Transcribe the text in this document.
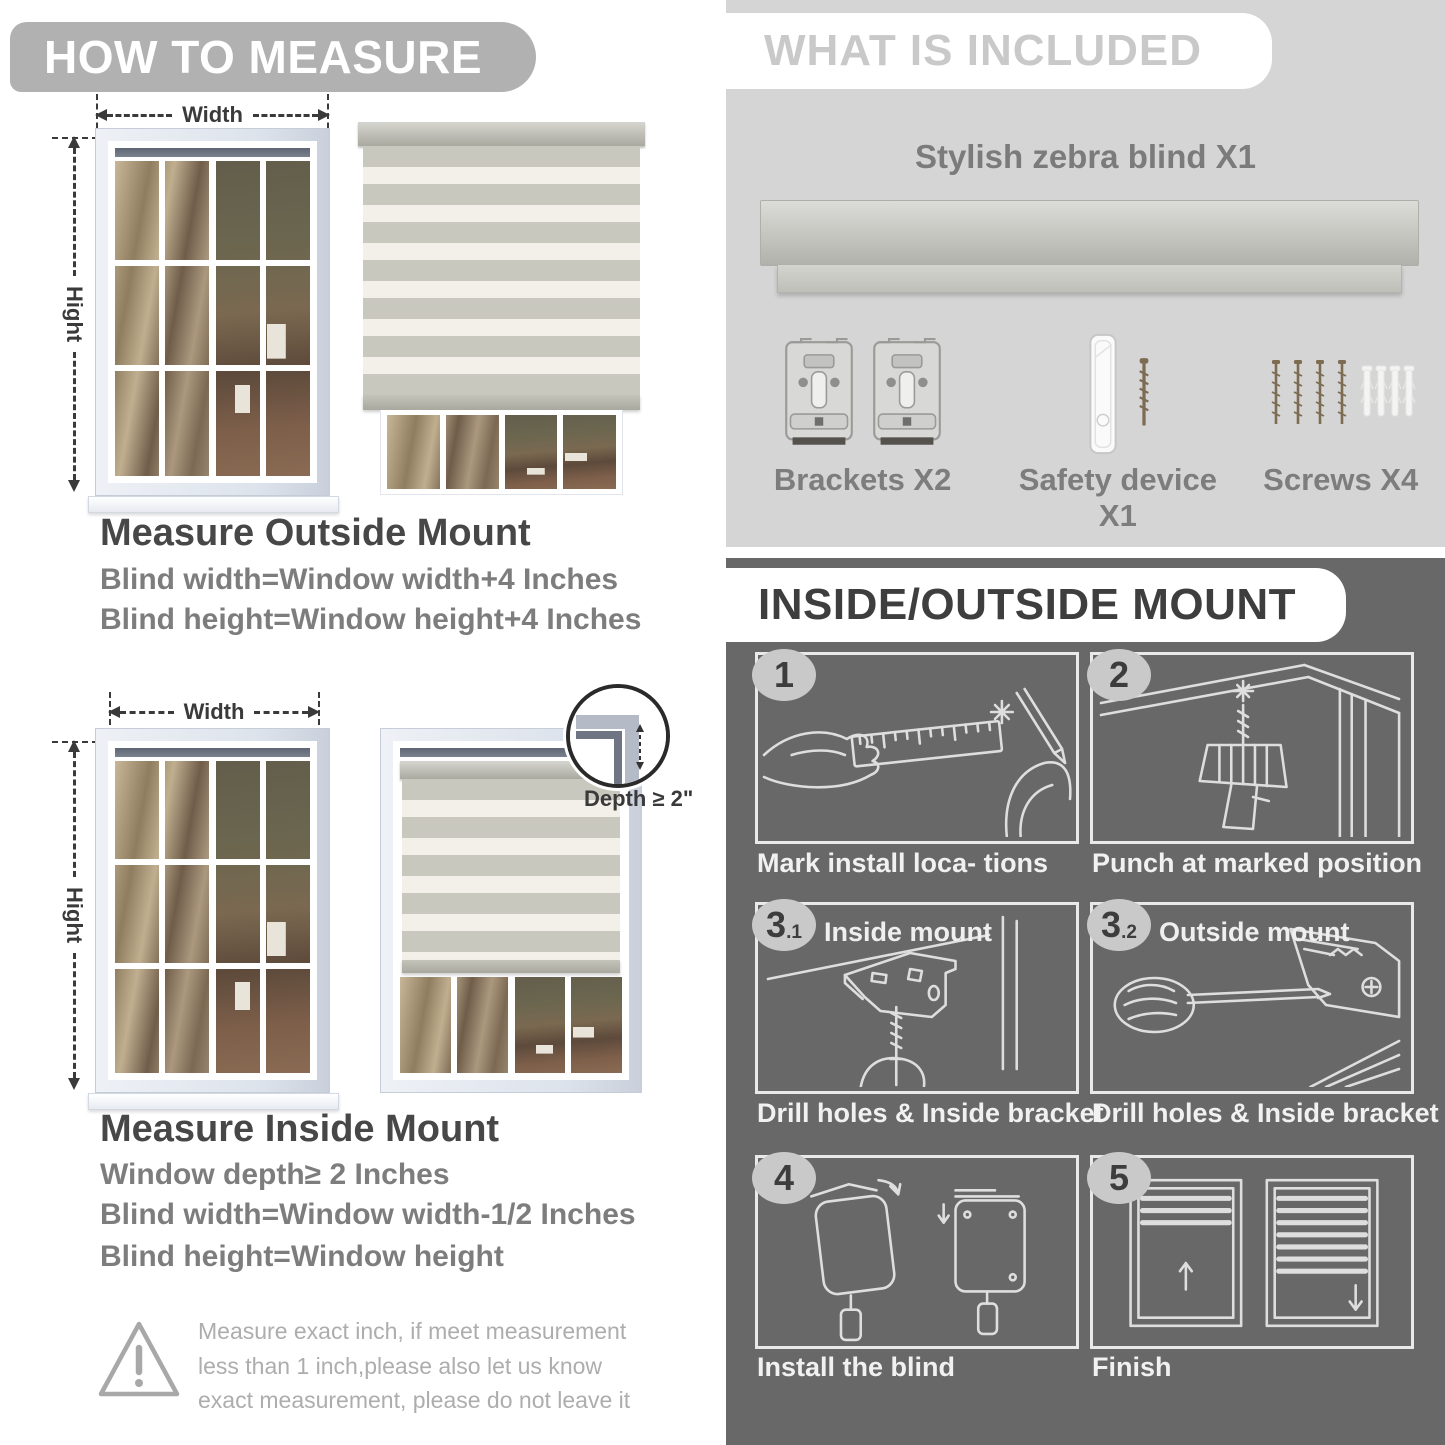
HOW TO MEASURE
Width
Hight
Measure Outside Mount
Blind width=Window width+4 Inches
Blind height=Window height+4 Inches
Width
Hight
Depth ≥ 2"
Measure Inside Mount
Window depth≥ 2 Inches
Blind width=Window width-1/2 Inches
Blind height=Window height
Measure exact inch, if meet measurement less than 1 inch,please also let us know exact measurement, please do not leave it
WHAT IS INCLUDED
Stylish zebra blind X1
Brackets X2	Safety device X1
Screws X4
INSIDE/OUTSIDE MOUNT
1
Mark install loca- tions
2
Punch at marked position
3 .1 Inside mount
Drill holes & Inside bracket
3 .2 Outside mount
Drill holes & Inside bracket
4
Install the blind
5
Finish
